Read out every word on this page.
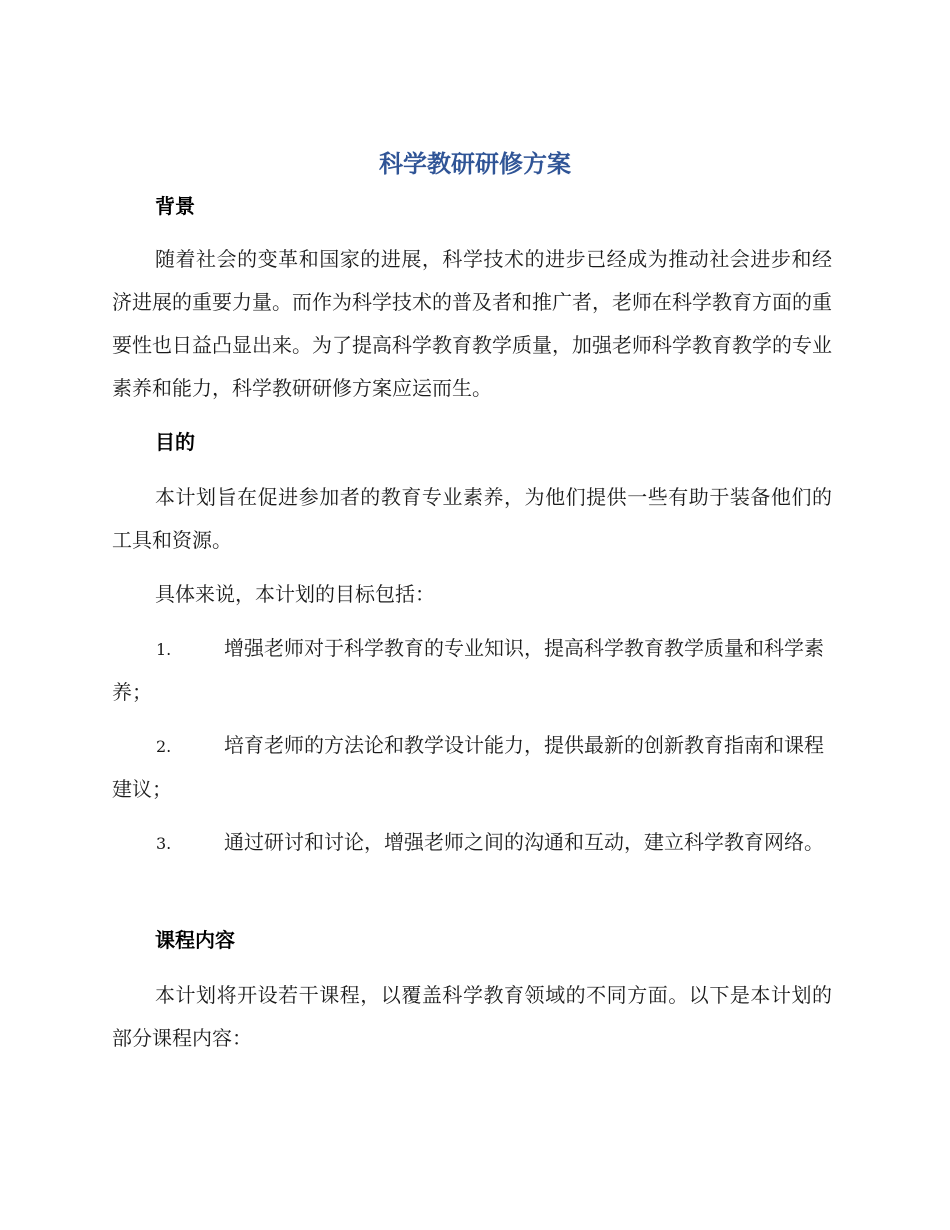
科学教研研修方案
背景

随着社会的变革和国家的进展，科学技术的进步已经成为推动社会进步和经济进展的重要力量。而作为科学技术的普及者和推广者，老师在科学教育方面的重要性也日益凸显出来。为了提高科学教育教学质量，加强老师科学教育教学的专业素养和能力，科学教研研修方案应运而生。

目的

本计划旨在促进参加者的教育专业素养，为他们提供一些有助于装备他们的工具和资源。

具体来说，本计划的目标包括：

1.	增强老师对于科学教育的专业知识，提高科学教育教学质量和科学素养；

2.	培育老师的方法论和教学设计能力，提供最新的创新教育指南和课程建议；

3.	通过研讨和讨论，增强老师之间的沟通和互动，建立科学教育网络。

课程内容

本计划将开设若干课程，以覆盖科学教育领域的不同方面。以下是本计划的部分课程内容：
